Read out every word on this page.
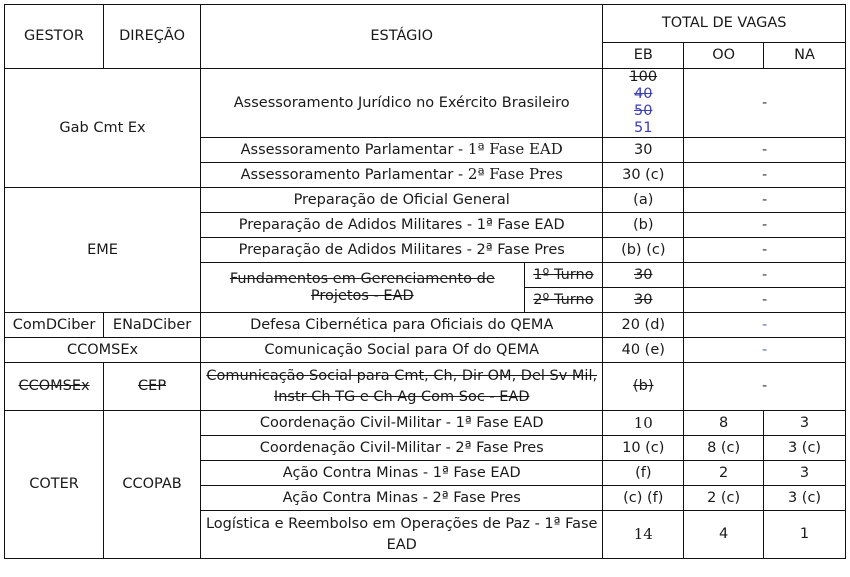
GESTOR	DIREÇÃO	ESTÁGIO		TOTAL DE VAGAS		
				EB	OO	NA
Gab Cmt Ex		Assessoramento Jurídico no Exército Brasileiro		100
40
50
51	-	
		Assessoramento Parlamentar - 1ª Fase EAD		30	-	
		Assessoramento Parlamentar - 2ª Fase Pres		30 (c)	-	
EME		Preparação de Oficial General		(a)	-	
		Preparação de Adidos Militares - 1ª Fase EAD		(b)	-	
		Preparação de Adidos Militares - 2ª Fase Pres		(b) (c)	-	
		Fundamentos em Gerenciamento de Projetos - EAD	1º Turno	30	-	
			2º Turno	30	-	
ComDCiber	ENaDCiber	Defesa Cibernética para Oficiais do QEMA		20 (d)	-	
CCOMSEx		Comunicação Social para Of do QEMA		40 (e)	-	
CCOMSEx	CEP	Comunicação Social para Cmt, Ch, Dir OM, Del Sv Mil, Instr Ch TG e Ch Ag Com Soc - EAD		(b)	-	
COTER	CCOPAB	Coordenação Civil-Militar - 1ª Fase EAD		10	8	3
		Coordenação Civil-Militar - 2ª Fase Pres		10 (c)	8 (c)	3 (c)
		Ação Contra Minas - 1ª Fase EAD		(f)	2	3
		Ação Contra Minas - 2ª Fase Pres		(c) (f)	2 (c)	3 (c)
		Logística e Reembolso em Operações de Paz - 1ª Fase EAD		14	4	1
